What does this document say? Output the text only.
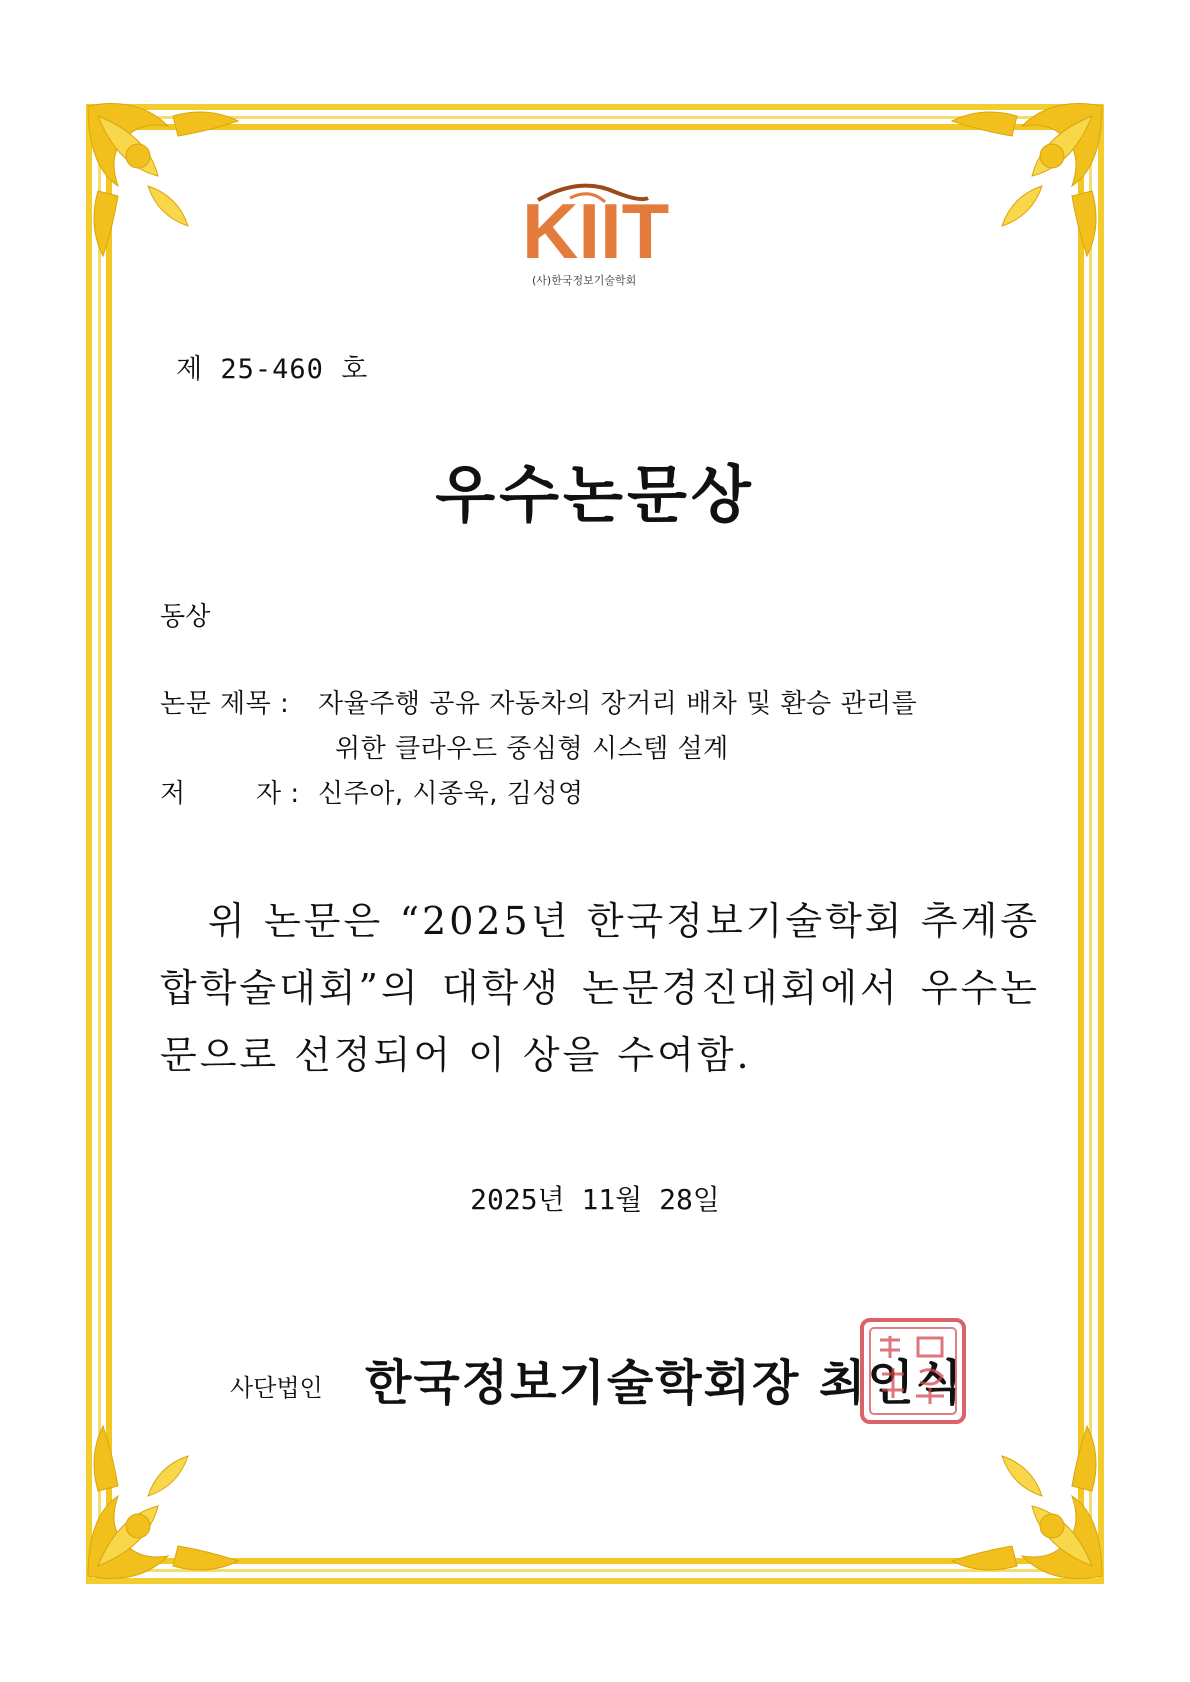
KIIT
(사)한국정보기술학회
제 25-460 호
우수논문상
동상
논문 제목 : 자율주행 공유 자동차의 장거리 배차 및 환승 관리를
위한 클라우드 중심형 시스템 설계
저	자 : 신주아, 시종욱, 김성영
위 논문은 “2025년 한국정보기술학회 추계종합학술대회”의 대학생 논문경진대회에서 우수논문으로 선정되어 이 상을 수여함.
2025년 11월 28일
사단법인 한국정보기술학회장 최인식
